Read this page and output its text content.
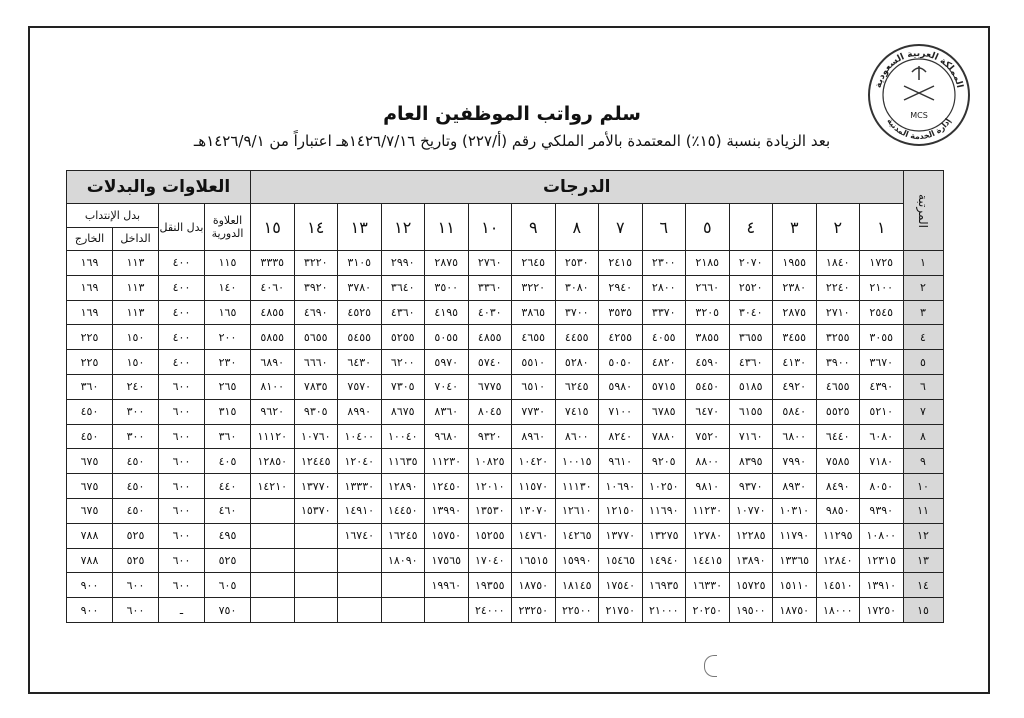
المملكة العربية السعودية
إدارة الخدمة المدنية
MCS
سلم رواتب الموظفين العام
بعد الزيادة بنسبة (١٥٪) المعتمدة بالأمر الملكي رقم (أ/٢٢٧) وتاريخ ١٤٢٦/٧/١٦هـ اعتباراً من ١٤٢٦/٩/١هـ
المرتبة	الدرجات															العلاوات والبدلات			
	١	٢	٣	٤	٥	٦	٧	٨	٩	١٠	١١	١٢	١٣	١٤	١٥	العلاوة الدورية	بدل النقل	بدل الإنتداب	
																		الداخل	الخارج
١	١٧٢٥	١٨٤٠	١٩٥٥	٢٠٧٠	٢١٨٥	٢٣٠٠	٢٤١٥	٢٥٣٠	٢٦٤٥	٢٧٦٠	٢٨٧٥	٢٩٩٠	٣١٠٥	٣٢٢٠	٣٣٣٥	١١٥	٤٠٠	١١٣	١٦٩
٢	٢١٠٠	٢٢٤٠	٢٣٨٠	٢٥٢٠	٢٦٦٠	٢٨٠٠	٢٩٤٠	٣٠٨٠	٣٢٢٠	٣٣٦٠	٣٥٠٠	٣٦٤٠	٣٧٨٠	٣٩٢٠	٤٠٦٠	١٤٠	٤٠٠	١١٣	١٦٩
٣	٢٥٤٥	٢٧١٠	٢٨٧٥	٣٠٤٠	٣٢٠٥	٣٣٧٠	٣٥٣٥	٣٧٠٠	٣٨٦٥	٤٠٣٠	٤١٩٥	٤٣٦٠	٤٥٢٥	٤٦٩٠	٤٨٥٥	١٦٥	٤٠٠	١١٣	١٦٩
٤	٣٠٥٥	٣٢٥٥	٣٤٥٥	٣٦٥٥	٣٨٥٥	٤٠٥٥	٤٢٥٥	٤٤٥٥	٤٦٥٥	٤٨٥٥	٥٠٥٥	٥٢٥٥	٥٤٥٥	٥٦٥٥	٥٨٥٥	٢٠٠	٤٠٠	١٥٠	٢٢٥
٥	٣٦٧٠	٣٩٠٠	٤١٣٠	٤٣٦٠	٤٥٩٠	٤٨٢٠	٥٠٥٠	٥٢٨٠	٥٥١٠	٥٧٤٠	٥٩٧٠	٦٢٠٠	٦٤٣٠	٦٦٦٠	٦٨٩٠	٢٣٠	٤٠٠	١٥٠	٢٢٥
٦	٤٣٩٠	٤٦٥٥	٤٩٢٠	٥١٨٥	٥٤٥٠	٥٧١٥	٥٩٨٠	٦٢٤٥	٦٥١٠	٦٧٧٥	٧٠٤٠	٧٣٠٥	٧٥٧٠	٧٨٣٥	٨١٠٠	٢٦٥	٦٠٠	٢٤٠	٣٦٠
٧	٥٢١٠	٥٥٢٥	٥٨٤٠	٦١٥٥	٦٤٧٠	٦٧٨٥	٧١٠٠	٧٤١٥	٧٧٣٠	٨٠٤٥	٨٣٦٠	٨٦٧٥	٨٩٩٠	٩٣٠٥	٩٦٢٠	٣١٥	٦٠٠	٣٠٠	٤٥٠
٨	٦٠٨٠	٦٤٤٠	٦٨٠٠	٧١٦٠	٧٥٢٠	٧٨٨٠	٨٢٤٠	٨٦٠٠	٨٩٦٠	٩٣٢٠	٩٦٨٠	١٠٠٤٠	١٠٤٠٠	١٠٧٦٠	١١١٢٠	٣٦٠	٦٠٠	٣٠٠	٤٥٠
٩	٧١٨٠	٧٥٨٥	٧٩٩٠	٨٣٩٥	٨٨٠٠	٩٢٠٥	٩٦١٠	١٠٠١٥	١٠٤٢٠	١٠٨٢٥	١١٢٣٠	١١٦٣٥	١٢٠٤٠	١٢٤٤٥	١٢٨٥٠	٤٠٥	٦٠٠	٤٥٠	٦٧٥
١٠	٨٠٥٠	٨٤٩٠	٨٩٣٠	٩٣٧٠	٩٨١٠	١٠٢٥٠	١٠٦٩٠	١١١٣٠	١١٥٧٠	١٢٠١٠	١٢٤٥٠	١٢٨٩٠	١٣٣٣٠	١٣٧٧٠	١٤٢١٠	٤٤٠	٦٠٠	٤٥٠	٦٧٥
١١	٩٣٩٠	٩٨٥٠	١٠٣١٠	١٠٧٧٠	١١٢٣٠	١١٦٩٠	١٢١٥٠	١٢٦١٠	١٣٠٧٠	١٣٥٣٠	١٣٩٩٠	١٤٤٥٠	١٤٩١٠	١٥٣٧٠		٤٦٠	٦٠٠	٤٥٠	٦٧٥
١٢	١٠٨٠٠	١١٢٩٥	١١٧٩٠	١٢٢٨٥	١٢٧٨٠	١٣٢٧٥	١٣٧٧٠	١٤٢٦٥	١٤٧٦٠	١٥٢٥٥	١٥٧٥٠	١٦٢٤٥	١٦٧٤٠			٤٩٥	٦٠٠	٥٢٥	٧٨٨
١٣	١٢٣١٥	١٢٨٤٠	١٣٣٦٥	١٣٨٩٠	١٤٤١٥	١٤٩٤٠	١٥٤٦٥	١٥٩٩٠	١٦٥١٥	١٧٠٤٠	١٧٥٦٥	١٨٠٩٠				٥٢٥	٦٠٠	٥٢٥	٧٨٨
١٤	١٣٩١٠	١٤٥١٠	١٥١١٠	١٥٧٢٥	١٦٣٣٠	١٦٩٣٥	١٧٥٤٠	١٨١٤٥	١٨٧٥٠	١٩٣٥٥	١٩٩٦٠					٦٠٥	٦٠٠	٦٠٠	٩٠٠
١٥	١٧٢٥٠	١٨٠٠٠	١٨٧٥٠	١٩٥٠٠	٢٠٢٥٠	٢١٠٠٠	٢١٧٥٠	٢٢٥٠٠	٢٣٢٥٠	٢٤٠٠٠						٧٥٠	ـ	٦٠٠	٩٠٠
